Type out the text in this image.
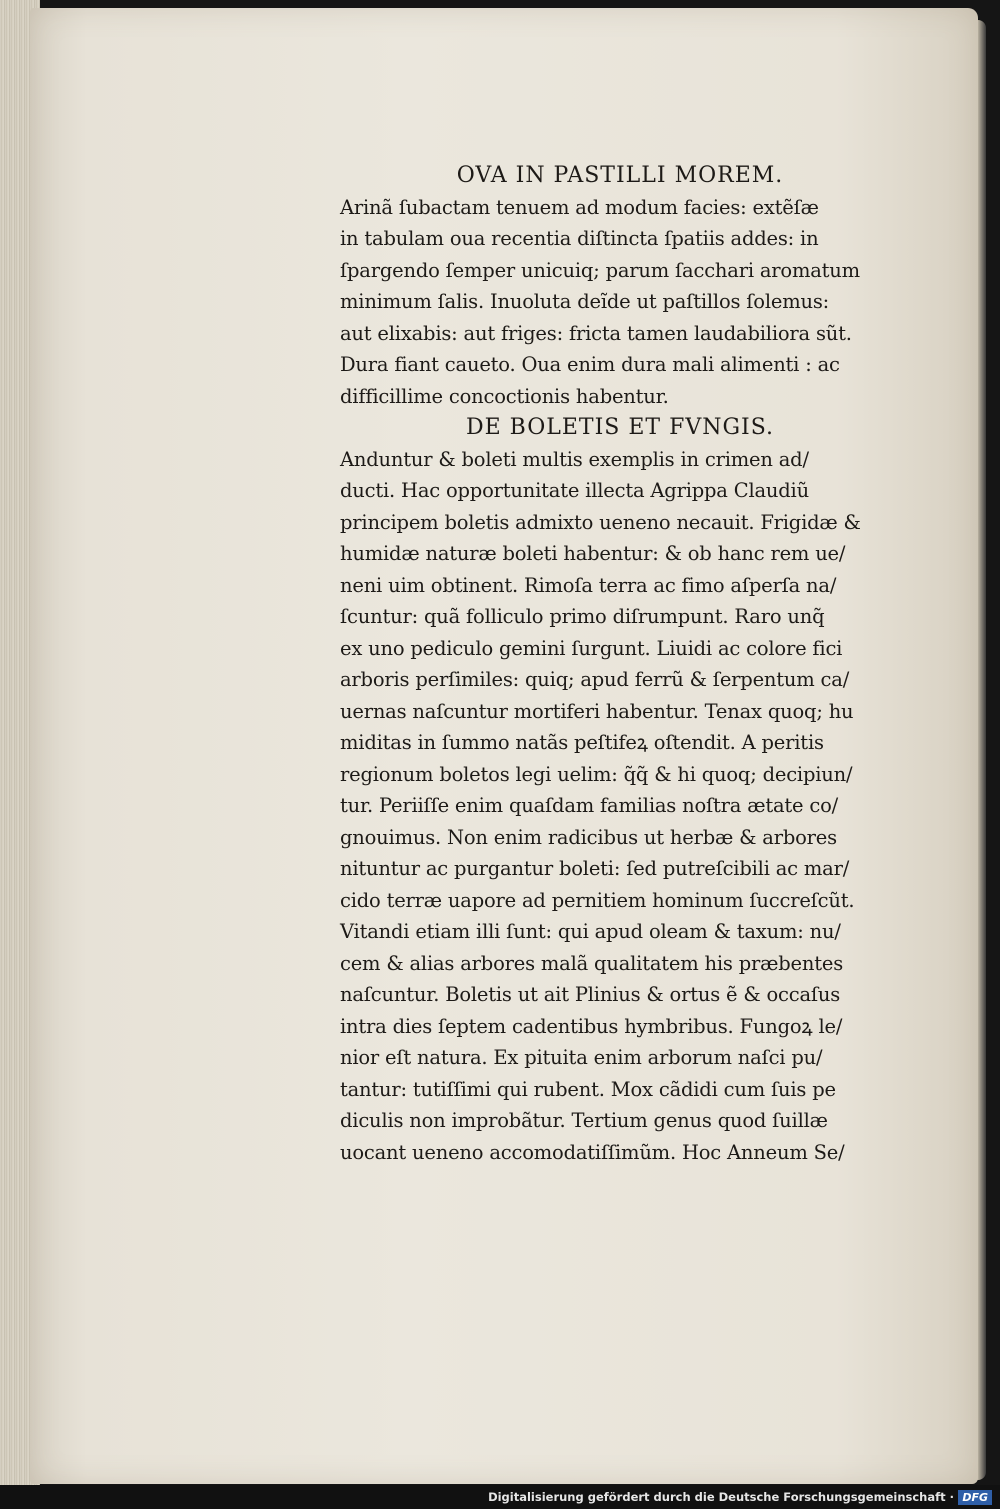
OVA IN PASTILLI MOREM.
Arinã ſubactam tenuem ad modum facies: extẽſæ
in tabulam oua recentia diſtincta ſpatiis addes: in
ſpargendo ſemper unicuiq; parum ſacchari aromatum
minimum ſalis. Inuoluta deĩde ut paſtillos ſolemus:
aut elixabis: aut friges: fricta tamen laudabiliora sũt.
Dura fiant caueto. Oua enim dura mali alimenti : ac
difficillime concoctionis habentur.
DE BOLETIS ET FVNGIS.
Anduntur & boleti multis exemplis in crimen ad/
ducti. Hac opportunitate illecta Agrippa Claudiũ
principem boletis admixto ueneno necauit. Frigidæ &
humidæ naturæ boleti habentur: & ob hanc rem ue/
neni uim obtinent. Rimoſa terra ac fimo aſperſa na/
ſcuntur: quã folliculo primo diſrumpunt. Raro unq̃
ex uno pediculo gemini ſurgunt. Liuidi ac colore fici
arboris perſimiles: quiq; apud ferrũ & ſerpentum ca/
uernas naſcuntur mortiferi habentur. Tenax quoq; hu
miditas in ſummo natãs peſtifeꝝ oſtendit. A peritis
regionum boletos legi uelim: q̃q̃ & hi quoq; decipiun/
tur. Periiſſe enim quaſdam familias noſtra ætate co/
gnouimus. Non enim radicibus ut herbæ & arbores
nituntur ac purgantur boleti: ſed putreſcibili ac mar/
cido terræ uapore ad pernitiem hominum ſuccreſcũt.
Vitandi etiam illi ſunt: qui apud oleam & taxum: nu/
cem & alias arbores malã qualitatem his præbentes
naſcuntur. Boletis ut ait Plinius & ortus ẽ & occaſus
intra dies ſeptem cadentibus hymbribus. Fungoꝝ le/
nior eſt natura. Ex pituita enim arborum naſci pu/
tantur: tutiſſimi qui rubent. Mox cãdidi cum ſuis pe
diculis non improbãtur. Tertium genus quod ſuillæ
uocant ueneno accomodatiſſimũm. Hoc Anneum Se/
Digitalisierung gefördert durch die Deutsche Forschungsgemeinschaft · DFG
